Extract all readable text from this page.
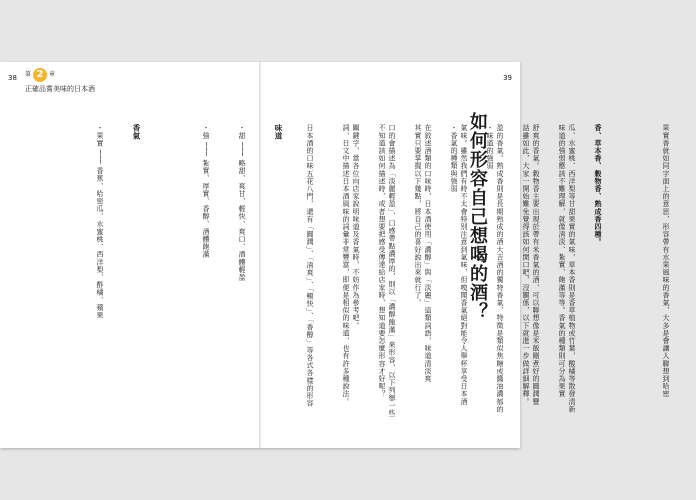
38 第 2 章
正確品嘗美味的日本酒

瓜、水蜜桃、西洋梨等甘甜果實的氣味，草本香則是香草植物或竹葉，酸橘等散發清新

舒爽的香氣。穀物香主要出現於帶有米香氣的酒，可以聯想像是米飯剛煮好的圓潤豐

盈的香氣。熟成香則是長期熟成的酒大吉酒的獨特香氣，特徵是類似焦糖或醬油濃郁的

氣味。雖然我們有時不太會特別注意到氣味，但嗅聞香氣絕對能令人舉杯享受日本酒

在敘述酒類的口味時，日本酒使用「濃醇」與「淡麗」這類詞語，味道清淡爽

口的會描述為「淡麗輕盈」，口感帶點濃厚的，則以「濃醇飽滿」來形容，以下列舉一些

關鍵字，當各位向店家說明味道及香氣時，不妨作為參考吧。

味道

・甜 ─── 略甜、爽甘、輕快、爽口、酒體輕盈

・強 ─── 紮實、厚實、香醇、酒體飽滿

香氣

・果實 ─── 香蕉、哈密瓜、水蜜桃、西洋梨、酢橘、蘋果

39
如何形容自己想喝的酒？

	果實香就如同字面上的意思，形容帶有水果風味的香氣，大多是會讓人聯想到哈密

香、草本香、穀物香、熟成香四種。

味道的強弱應該不難理解，就像清淡、紮實、飽滿等等。香氣的種類則可分為果實

話雖如此，大家一開始難免覺得該如何開口吧，沒關係，以下就進一步做詳細解釋。

・味道的強弱

・香氣的種類與強弱

其實只要掌握以下幾點，將自己的喜好說出來就行了。

不知道該如何描述時，或者想要把感受傳達給店家時，想知道要怎麼形容才好呢？

詞，日文中描述日本酒風味的詞彙非常豐富，即便是相似的味道，也有許多種說法。

日本酒的口味五花八門，還有「圓潤」、「清爽」、「暢快」、「香醇」等各式各樣的形容
